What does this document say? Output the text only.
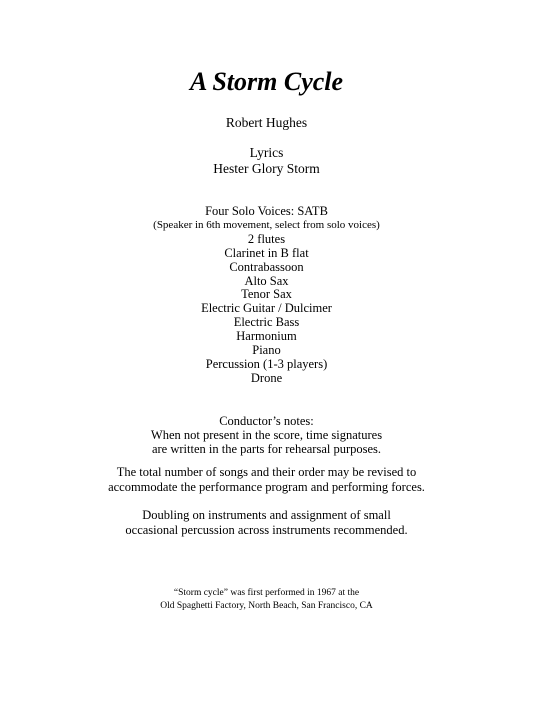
A Storm Cycle
Robert Hughes
Lyrics
Hester Glory Storm
Four Solo Voices: SATB
(Speaker in 6th movement, select from solo voices)
2 flutes
Clarinet in B flat
Contrabassoon
Alto Sax
Tenor Sax
Electric Guitar / Dulcimer
Electric Bass
Harmonium
Piano
Percussion (1-3 players)
Drone
Conductor’s notes:
When not present in the score, time signatures
are written in the parts for rehearsal purposes.
The total number of songs and their order may be revised to
accommodate the performance program and performing forces.
Doubling on instruments and assignment of small
occasional percussion across instruments recommended.
“Storm cycle” was first performed in 1967 at the
Old Spaghetti Factory, North Beach, San Francisco, CA
